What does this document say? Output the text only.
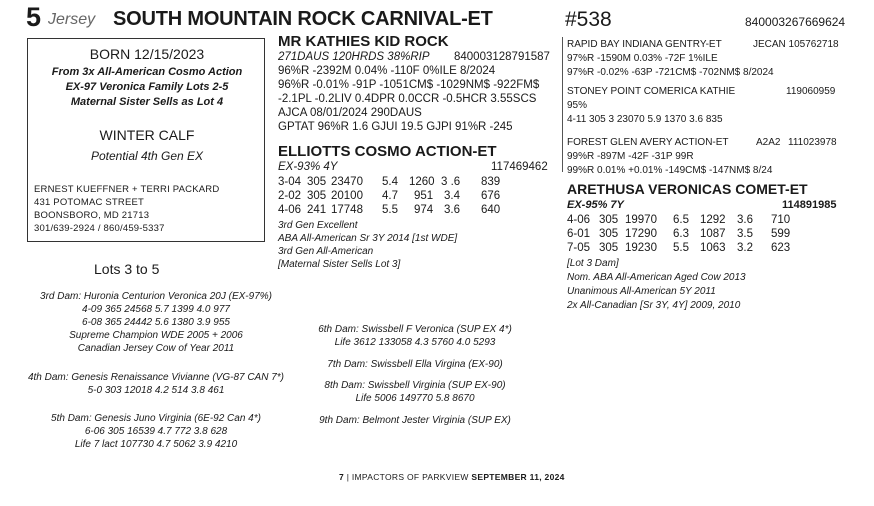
5 Jersey SOUTH MOUNTAIN ROCK CARNIVAL-ET	#538	840003267669624
BORN 12/15/2023
From 3x All-American Cosmo Action
EX-97 Veronica Family Lots 2-5
Maternal Sister Sells as Lot 4
WINTER CALF
Potential 4th Gen EX
ERNEST KUEFFNER + TERRI PACKARD
431 POTOMAC STREET
BOONSBORO, MD 21713
301/639-2924 / 860/459-5337
Lots 3 to 5
3rd Dam: Huronia Centurion Veronica 20J (EX-97%)
4-09 365 24568 5.7 1399 4.0 977
6-08 365 24442 5.6 1380 3.9 955
Supreme Champion WDE 2005 + 2006
Canadian Jersey Cow of Year 2011
4th Dam: Genesis Renaissance Vivianne (VG-87 CAN 7*)
5-0 303 12018 4.2 514 3.8 461
5th Dam: Genesis Juno Virginia (6E-92 Can 4*)
6-06 305 16539 4.7 772 3.8 628
Life 7 lact 107730 4.7 5062 3.9 4210
6th Dam: Swissbell F Veronica (SUP EX 4*)
Life 3612 133058 4.3 5760 4.0 5293
7th Dam: Swissbell Ella Virgina (EX-90)
8th Dam: Swissbell Virginia (SUP EX-90)
Life 5006 149770 5.8 8670
9th Dam: Belmont Jester Virginia (SUP EX)
MR KATHIES KID ROCK
271DAUS 120HRDS 38%RIP 840003128791587
96%R -2392M 0.04% -110F 0%ILE 8/2024
96%R -0.01% -91P -1051CM$ -1029NM$ -922FM$
-2.1PL -0.2LIV 0.4DPR 0.0CCR -0.5HCR 3.55SCS
AJCA 08/01/2024 290DAUS
GPTAT 96%R 1.6 GJUI 19.5 GJPI 91%R -245
ELLIOTTS COSMO ACTION-ET
EX-93% 4Y	117469462
3-04 305 23470 5.4 1260 3 .6 839
2-02 305 20100 4.7 951 3.4 676
4-06 241 17748 5.5 974 3.6 640
3rd Gen Excellent
ABA All-American Sr 3Y 2014 [1st WDE]
3rd Gen All-American
[Maternal Sister Sells Lot 3]
RAPID BAY INDIANA GENTRY-ET	JECAN 105762718
97%R -1590M 0.03% -72F 1%ILE
97%R -0.02% -63P -721CM$ -702NM$ 8/2024
STONEY POINT COMERICA KATHIE	119060959
95%
4-11 305 3 23070 5.9 1370 3.6 835
FOREST GLEN AVERY ACTION-ET	A2A2 111023978
99%R -897M -42F -31P 99R
99%R 0.01% +0.01% -149CM$ -147NM$ 8/24
ARETHUSA VERONICAS COMET-ET
EX-95% 7Y	114891985
4-06 305 19970 6.5 1292 3.6 710
6-01 305 17290 6.3 1087 3.5 599
7-05 305 19230 5.5 1063 3.2 623
[Lot 3 Dam]
Nom. ABA All-American Aged Cow 2013
Unanimous All-American 5Y 2011
2x All-Canadian [Sr 3Y, 4Y] 2009, 2010
7 | IMPACTORS OF PARKVIEW SEPTEMBER 11, 2024
